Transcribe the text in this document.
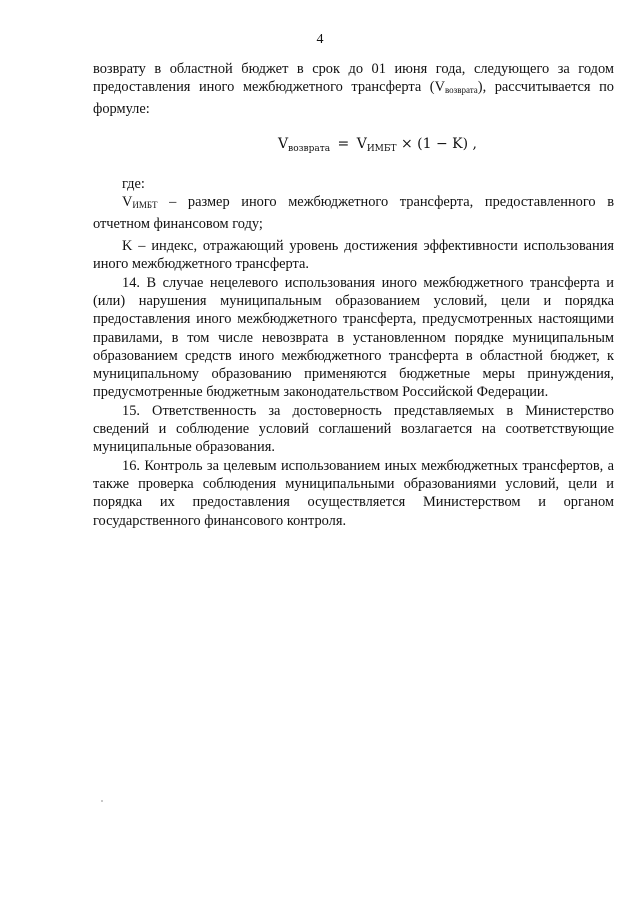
4

возврату в областной бюджет в срок до 01 июня года, следующего за годом предоставления иного межбюджетного трансферта $(V_{возврата})$, рассчитывается по формуле:

$V_{возврата} = V_{ИМБТ} \times (1 - K)$ ,

где:

$V_{ИМБТ}$ – размер иного межбюджетного трансферта, предоставленного в отчетном финансовом году;

K – индекс, отражающий уровень достижения эффективности использования иного межбюджетного трансферта.

14. В случае нецелевого использования иного межбюджетного трансферта и (или) нарушения муниципальным образованием условий, цели и порядка предоставления иного межбюджетного трансферта, предусмотренных настоящими правилами, в том числе невозврата в установленном порядке муниципальным образованием средств иного межбюджетного трансферта в областной бюджет, к муниципальному образованию применяются бюджетные меры принуждения, предусмотренные бюджетным законодательством Российской Федерации.

15. Ответственность за достоверность представляемых в Министерство сведений и соблюдение условий соглашений возлагается на соответствующие муниципальные образования.

16. Контроль за целевым использованием иных межбюджетных трансфертов, а также проверка соблюдения муниципальными образованиями условий, цели и порядка их предоставления осуществляется Министерством и органом государственного финансового контроля.
